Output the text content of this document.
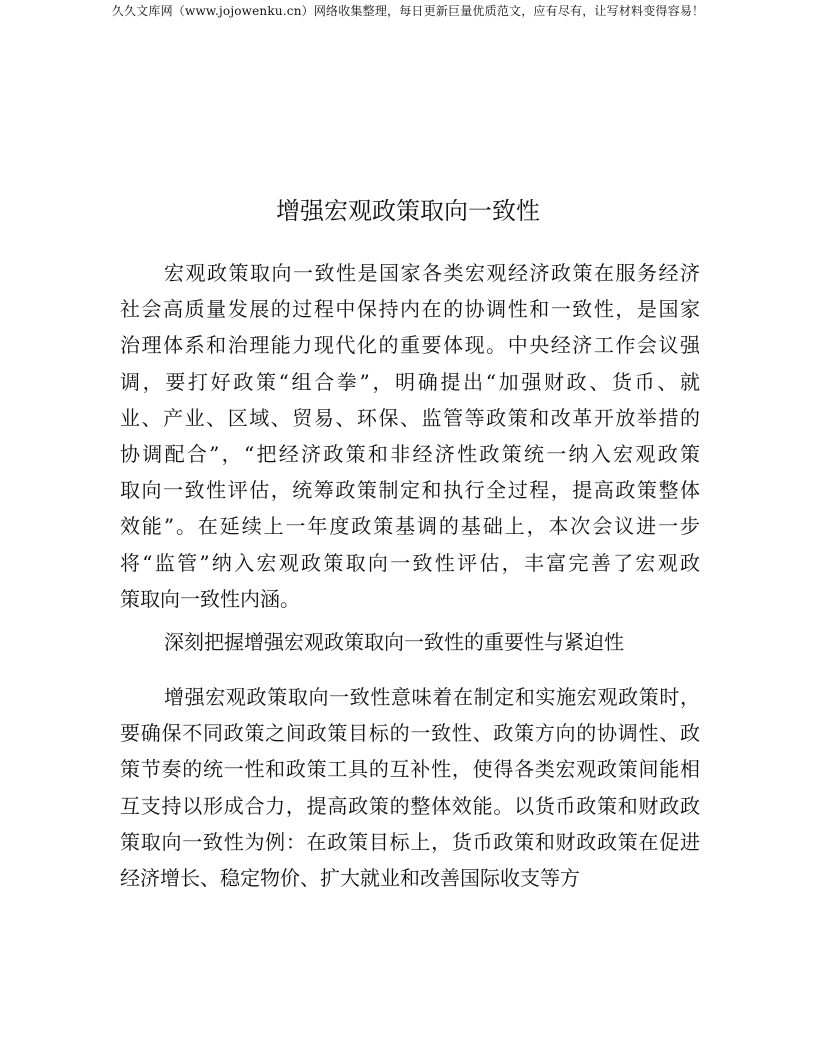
久久文库网（www.jojowenku.cn）网络收集整理，每日更新巨量优质范文，应有尽有，让写材料变得容易！
增强宏观政策取向一致性
宏观政策取向一致性是国家各类宏观经济政策在服务经济
社会高质量发展的过程中保持内在的协调性和一致性，是国家
治理体系和治理能力现代化的重要体现。中央经济工作会议强
调，要打好政策“组合拳”，明确提出“加强财政、货币、就
业、产业、区域、贸易、环保、监管等政策和改革开放举措的
协调配合”，“把经济政策和非经济性政策统一纳入宏观政策
取向一致性评估，统筹政策制定和执行全过程，提高政策整体
效能”。在延续上一年度政策基调的基础上，本次会议进一步
将“监管”纳入宏观政策取向一致性评估，丰富完善了宏观政
策取向一致性内涵。
深刻把握增强宏观政策取向一致性的重要性与紧迫性
增强宏观政策取向一致性意味着在制定和实施宏观政策时，
要确保不同政策之间政策目标的一致性、政策方向的协调性、政
策节奏的统一性和政策工具的互补性，使得各类宏观政策间能相
互支持以形成合力，提高政策的整体效能。以货币政策和财政政
策取向一致性为例：在政策目标上，货币政策和财政政策在促进
经济增长、稳定物价、扩大就业和改善国际收支等方
